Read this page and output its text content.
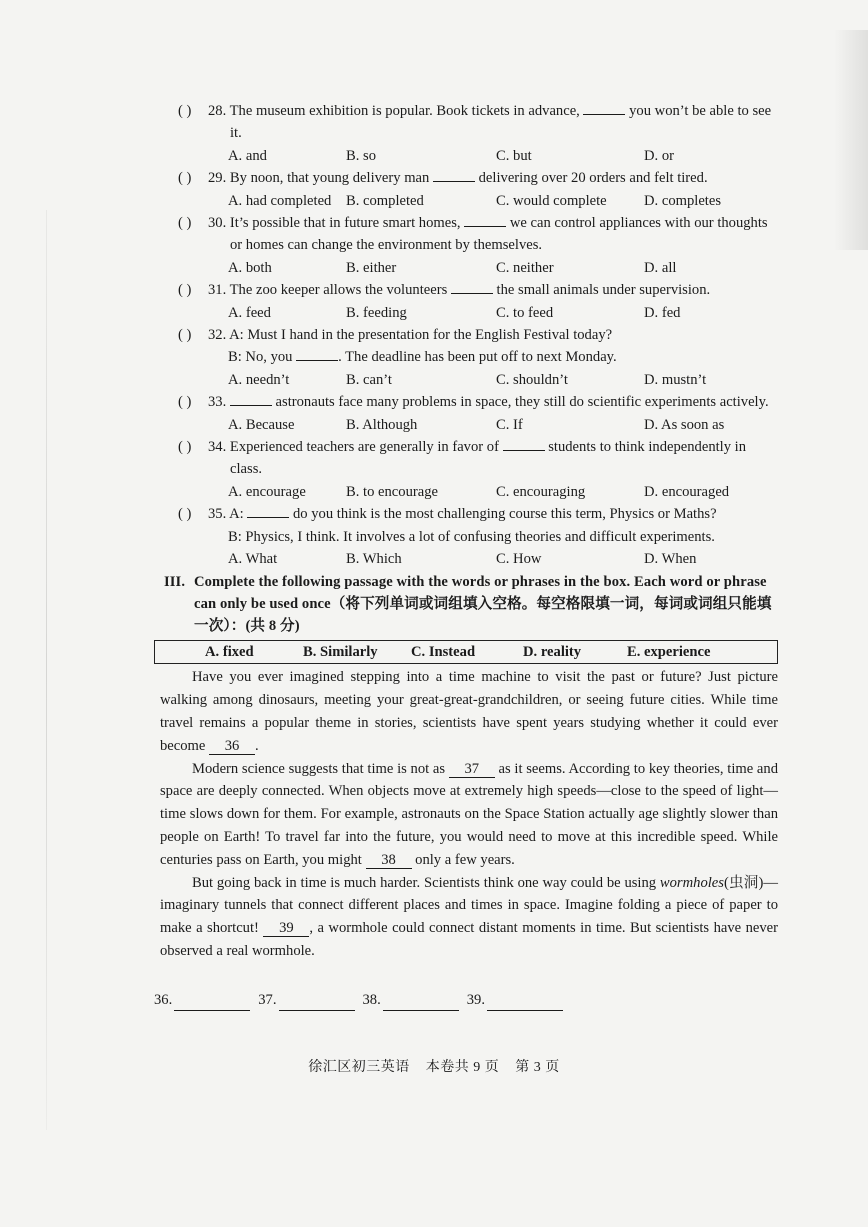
( ) 28. The museum exhibition is popular. Book tickets in advance,	you won’t be able to see it.
A. and	B. so	C. but	D. or
( ) 29. By noon, that young delivery man	delivering over 20 orders and felt tired.
A. had completed	B. completed	C. would complete	D. completes
( ) 30. It’s possible that in future smart homes,	we can control appliances with our thoughts or homes can change the environment by themselves.
A. both	B. either	C. neither	D. all
( ) 31. The zoo keeper allows the volunteers	the small animals under supervision.
A. feed	B. feeding	C. to feed	D. fed
( ) 32. A: Must I hand in the presentation for the English Festival today?
B: No, you	. The deadline has been put off to next Monday.
A. needn’t	B. can’t	C. shouldn’t	D. mustn’t
( ) 33.	astronauts face many problems in space, they still do scientific experiments actively.
A. Because	B. Although	C. If	D. As soon as
( ) 34. Experienced teachers are generally in favor of	students to think independently in class.
A. encourage	B. to encourage	C. encouraging	D. encouraged
( ) 35. A:	do you think is the most challenging course this term, Physics or Maths?
B: Physics, I think. It involves a lot of confusing theories and difficult experiments.
A. What	B. Which	C. How	D. When
III. Complete the following passage with the words or phrases in the box. Each word or phrase can only be used once（将下列单词或词组填入空格。每空格限填一词，每词或词组只能填一次）：(共 8 分)
A. fixed	B. Similarly	C. Instead	D. reality	E. experience

Have you ever imagined stepping into a time machine to visit the past or future? Just picture walking among dinosaurs, meeting your great-great-grandchildren, or seeing future cities. While time travel remains a popular theme in stories, scientists have spent years studying whether it could ever become 36 .

Modern science suggests that time is not as 37 as it seems. According to key theories, time and space are deeply connected. When objects move at extremely high speeds—close to the speed of light—time slows down for them. For example, astronauts on the Space Station actually age slightly slower than people on Earth! To travel far into the future, you would need to move at this incredible speed. While centuries pass on Earth, you might 38 only a few years.

But going back in time is much harder. Scientists think one way could be using wormholes(虫洞)—imaginary tunnels that connect different places and times in space. Imagine folding a piece of paper to make a shortcut! 39 , a wormhole could connect distant moments in time. But scientists have never observed a real wormhole.

36.	37.	38.	39.
徐汇区初三英语 本卷共 9 页 第 3 页
